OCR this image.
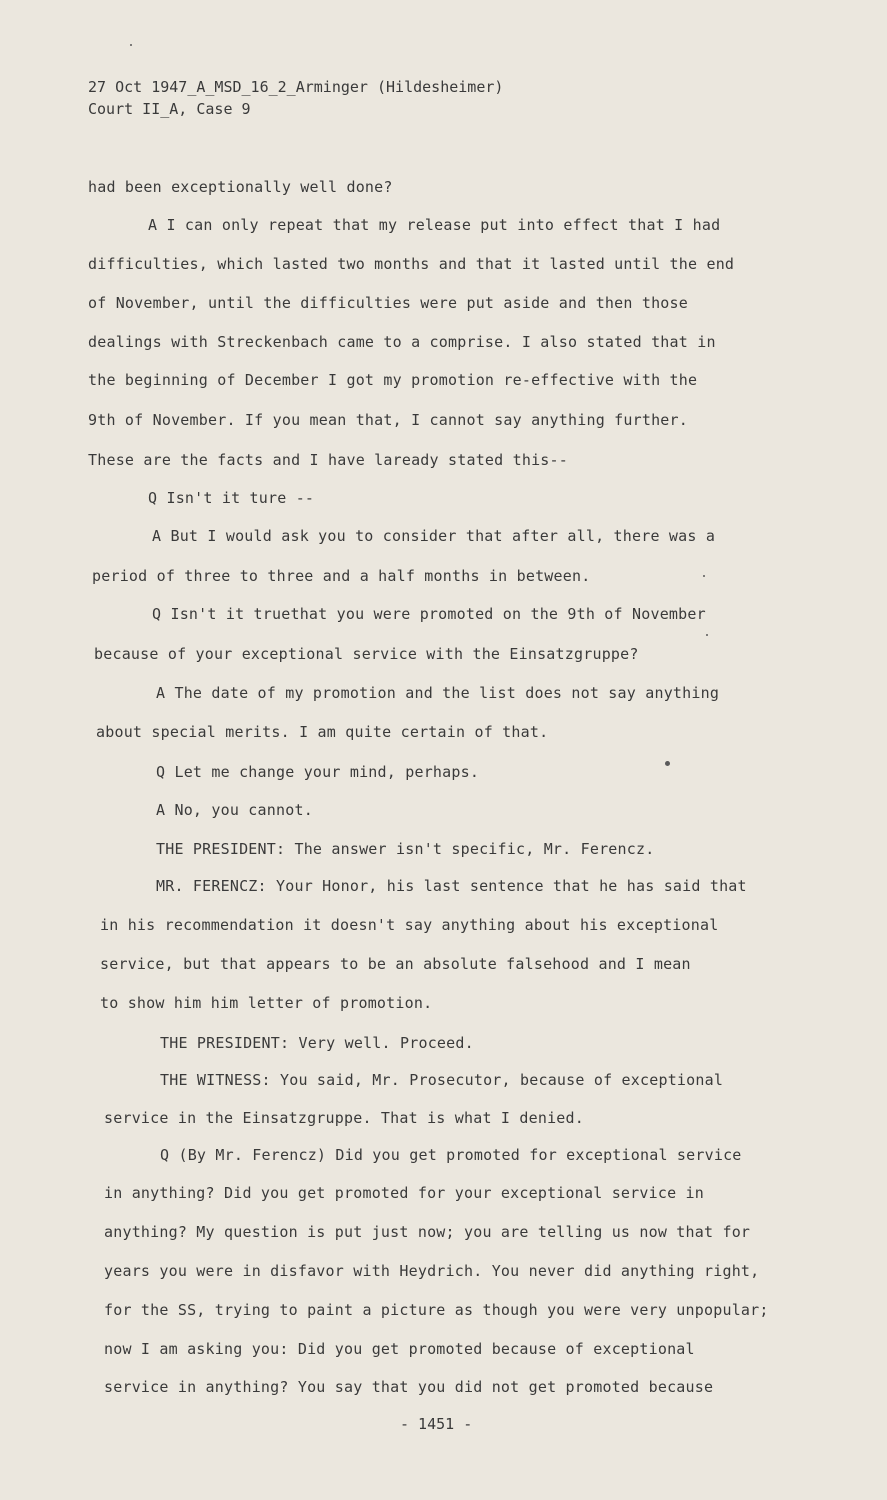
27 Oct 1947_A_MSD_16_2_Arminger (Hildesheimer)
Court II_A, Case 9
had been exceptionally well done?
A I can only repeat that my release put into effect that I had
difficulties, which lasted two months and that it lasted until the end
of November, until the difficulties were put aside and then those
dealings with Streckenbach came to a comprise. I also stated that in
the beginning of December I got my promotion re-effective with the
9th of November. If you mean that, I cannot say anything further.
These are the facts and I have laready stated this--
Q Isn't it ture --
A But I would ask you to consider that after all, there was a
period of three to three and a half months in between.
Q Isn't it truethat you were promoted on the 9th of November
because of your exceptional service with the Einsatzgruppe?
A The date of my promotion and the list does not say anything
about special merits. I am quite certain of that.
Q Let me change your mind, perhaps.
A No, you cannot.
THE PRESIDENT: The answer isn't specific, Mr. Ferencz.
MR. FERENCZ: Your Honor, his last sentence that he has said that
in his recommendation it doesn't say anything about his exceptional
service, but that appears to be an absolute falsehood and I mean
to show him him letter of promotion.
THE PRESIDENT: Very well. Proceed.
THE WITNESS: You said, Mr. Prosecutor, because of exceptional
service in the Einsatzgruppe. That is what I denied.
Q (By Mr. Ferencz) Did you get promoted for exceptional service
in anything? Did you get promoted for your exceptional service in
anything? My question is put just now; you are telling us now that for
years you were in disfavor with Heydrich. You never did anything right,
for the SS, trying to paint a picture as though you were very unpopular;
now I am asking you: Did you get promoted because of exceptional
service in anything? You say that you did not get promoted because
- 1451 -
